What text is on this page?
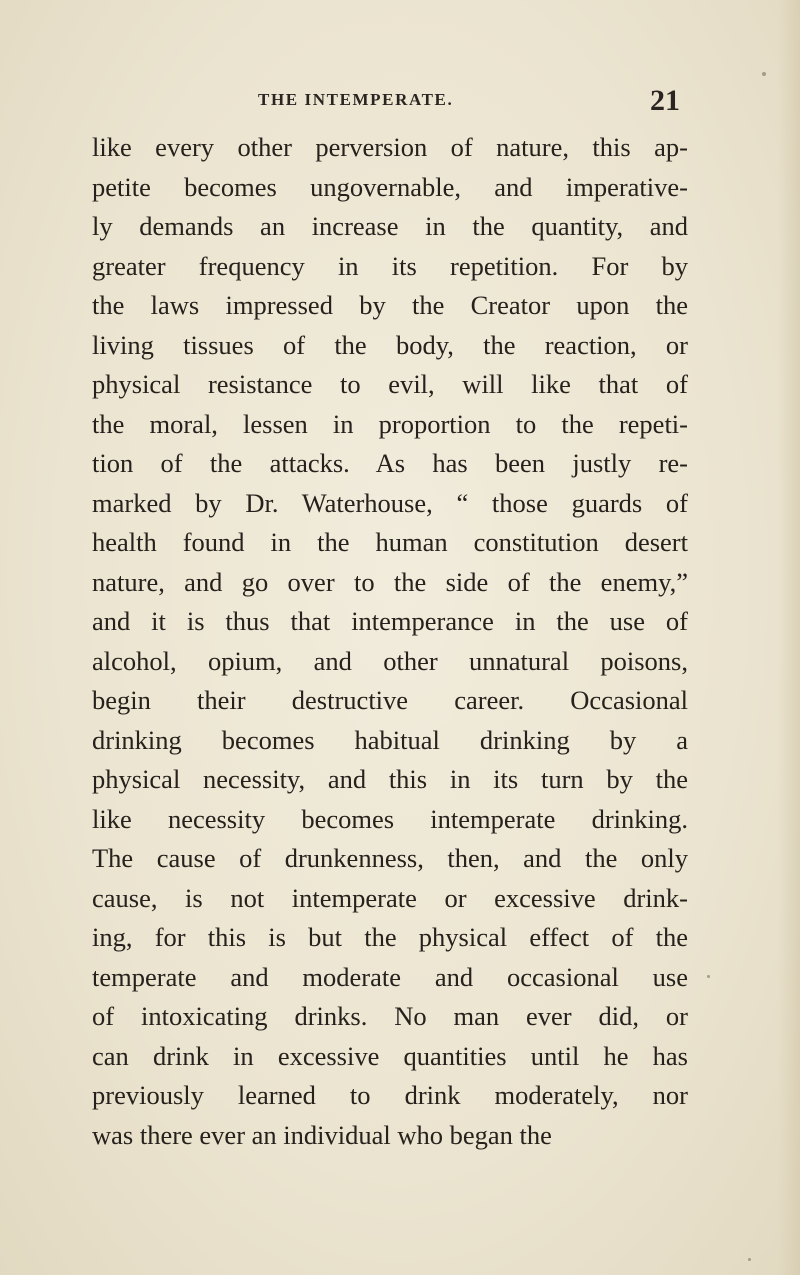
THE INTEMPERATE.	21
like every other perversion of nature, this ap-
petite becomes ungovernable, and imperative-
ly demands an increase in the quantity, and
greater frequency in its repetition. For by
the laws impressed by the Creator upon the
living tissues of the body, the reaction, or
physical resistance to evil, will like that of
the moral, lessen in proportion to the repeti-
tion of the attacks. As has been justly re-
marked by Dr. Waterhouse, “ those guards of
health found in the human constitution desert
nature, and go over to the side of the enemy,”
and it is thus that intemperance in the use of
alcohol, opium, and other unnatural poisons,
begin their destructive career. Occasional
drinking becomes habitual drinking by a
physical necessity, and this in its turn by the
like necessity becomes intemperate drinking.
The cause of drunkenness, then, and the only
cause, is not intemperate or excessive drink-
ing, for this is but the physical effect of the
temperate and moderate and occasional use
of intoxicating drinks. No man ever did, or
can drink in excessive quantities until he has
previously learned to drink moderately, nor
was there ever an individual who began the
